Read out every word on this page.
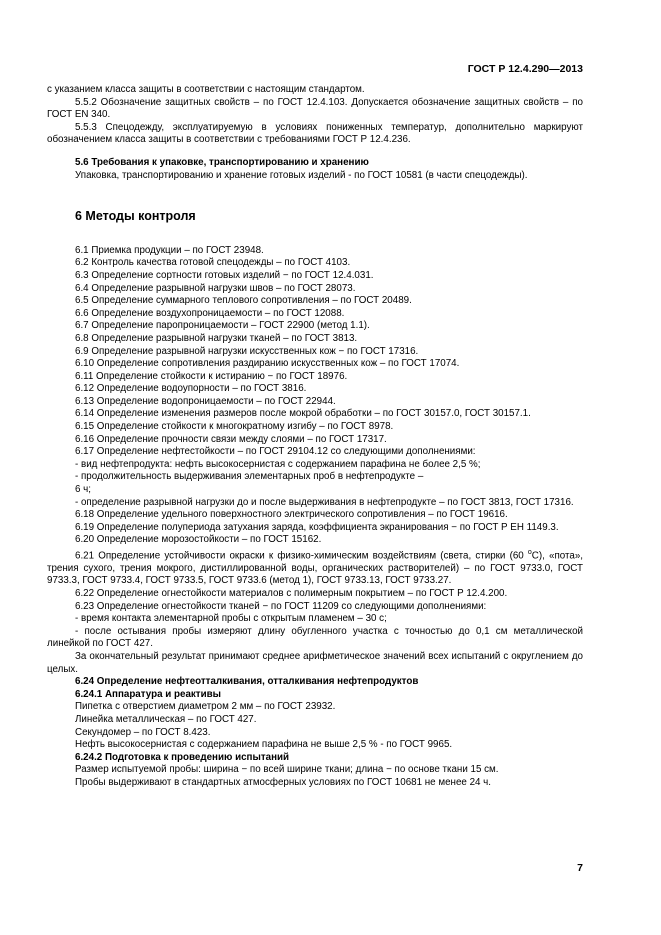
ГОСТ Р 12.4.290—2013

с указанием класса защиты в соответствии с настоящим стандартом.

5.5.2 Обозначение защитных свойств – по ГОСТ 12.4.103. Допускается обозначение защитных свойств – по ГОСТ EN 340.

5.5.3 Спецодежду, эксплуатируемую в условиях пониженных температур, дополнительно маркируют обозначением класса защиты в соответствии с требованиями ГОСТ Р 12.4.236.

5.6 Требования к упаковке, транспортированию и хранению

Упаковка, транспортированию и хранение готовых изделий - по ГОСТ 10581 (в части спецодежды).

6 Методы контроля

6.1 Приемка продукции – по ГОСТ 23948.

6.2 Контроль качества готовой спецодежды – по ГОСТ 4103.

6.3 Определение сортности готовых изделий − по ГОСТ 12.4.031.

6.4 Определение разрывной нагрузки швов – по ГОСТ 28073.

6.5 Определение суммарного теплового сопротивления – по ГОСТ 20489.

6.6 Определение воздухопроницаемости – по ГОСТ 12088.

6.7 Определение паропроницаемости – ГОСТ 22900 (метод 1.1).

6.8 Определение разрывной нагрузки тканей – по ГОСТ 3813.

6.9 Определение разрывной нагрузки искусственных кож − по ГОСТ 17316.

6.10 Определение сопротивления раздиранию искусственных кож – по ГОСТ 17074.

6.11 Определение стойкости к истиранию − по ГОСТ 18976.

6.12 Определение водоупорности – по ГОСТ 3816.

6.13 Определение водопроницаемости – по ГОСТ 22944.

6.14 Определение изменения размеров после мокрой обработки – по ГОСТ 30157.0, ГОСТ 30157.1.

6.15 Определение стойкости к многократному изгибу – по ГОСТ 8978.

6.16 Определение прочности связи между слоями – по ГОСТ 17317.

6.17 Определение нефтестойкости – по ГОСТ 29104.12 со следующими дополнениями:

- вид нефтепродукта: нефть высокосернистая с содержанием парафина не более 2,5 %;

- продолжительность выдерживания элементарных проб в нефтепродукте –

6 ч;

- определение разрывной нагрузки до и после выдерживания в нефтепродукте – по ГОСТ 3813, ГОСТ 17316.

6.18 Определение удельного поверхностного электрического сопротивления – по ГОСТ 19616.

6.19 Определение полупериода затухания заряда, коэффициента экранирования − по ГОСТ Р ЕН 1149.3.

6.20 Определение морозостойкости – по ГОСТ 15162.

6.21 Определение устойчивости окраски к физико-химическим воздействиям (света, стирки (60 $^о$С), «пота», трения сухого, трения мокрого, дистиллированной воды, органических растворителей) – по ГОСТ 9733.0, ГОСТ 9733.3, ГОСТ 9733.4, ГОСТ 9733.5, ГОСТ 9733.6 (метод 1), ГОСТ 9733.13, ГОСТ 9733.27.

6.22 Определение огнестойкости материалов с полимерным покрытием – по ГОСТ Р 12.4.200.

6.23 Определение огнестойкости тканей − по ГОСТ 11209 со следующими дополнениями:

- время контакта элементарной пробы с открытым пламенем – 30 с;

- после остывания пробы измеряют длину обугленного участка с точностью до 0,1 см металлической линейкой по ГОСТ 427.

За окончательный результат принимают среднее арифметическое значений всех испытаний с округлением до целых.

6.24 Определение нефтеотталкивания, отталкивания нефтепродуктов

6.24.1 Аппаратура и реактивы

Пипетка с отверстием диаметром 2 мм – по ГОСТ 23932.

Линейка металлическая – по ГОСТ 427.

Секундомер – по ГОСТ 8.423.

Нефть высокосернистая с содержанием парафина не выше 2,5 % - по ГОСТ 9965.

6.24.2 Подготовка к проведению испытаний

Размер испытуемой пробы: ширина − по всей ширине ткани; длина − по основе ткани 15 см.

Пробы выдерживают в стандартных атмосферных условиях по ГОСТ 10681 не менее 24 ч.

7
